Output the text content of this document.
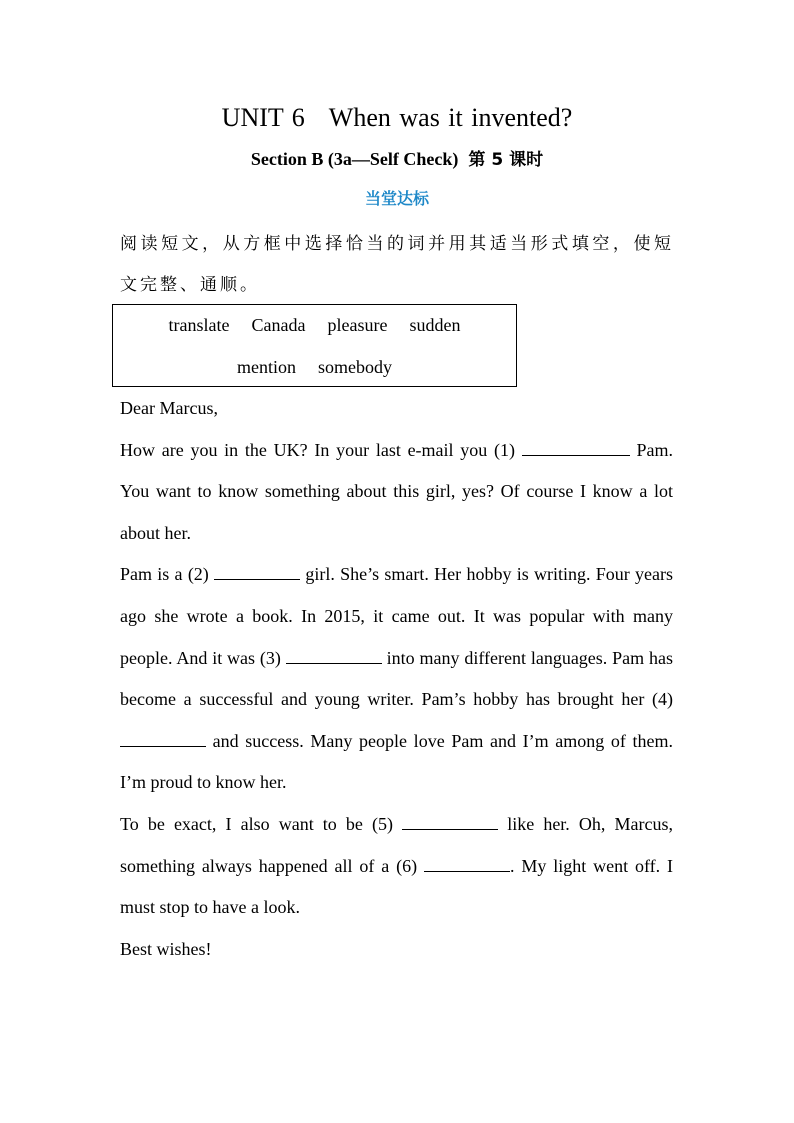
UNIT 6 When was it invented?
Section B (3a—Self Check) 第 5 课时
当堂达标
阅读短文，从方框中选择恰当的词并用其适当形式填空，使短文完整、通顺。
translate Canada pleasure sudden
mention somebody

Dear Marcus,

How are you in the UK? In your last e-mail you (1)	Pam. You want to know something about this girl, yes? Of course I know a lot about her.

Pam is a (2)	girl. She’s smart. Her hobby is writing. Four years ago she wrote a book. In 2015, it came out. It was popular with many people. And it was (3)	into many different languages. Pam has become a successful and young writer. Pam’s hobby has brought her (4)  and success. Many people love Pam and I’m among of them. I’m proud to know her.

To be exact, I also want to be (5)	like her. Oh, Marcus, something always happened all of a (6)	. My light went off. I must stop to have a look.

Best wishes!
